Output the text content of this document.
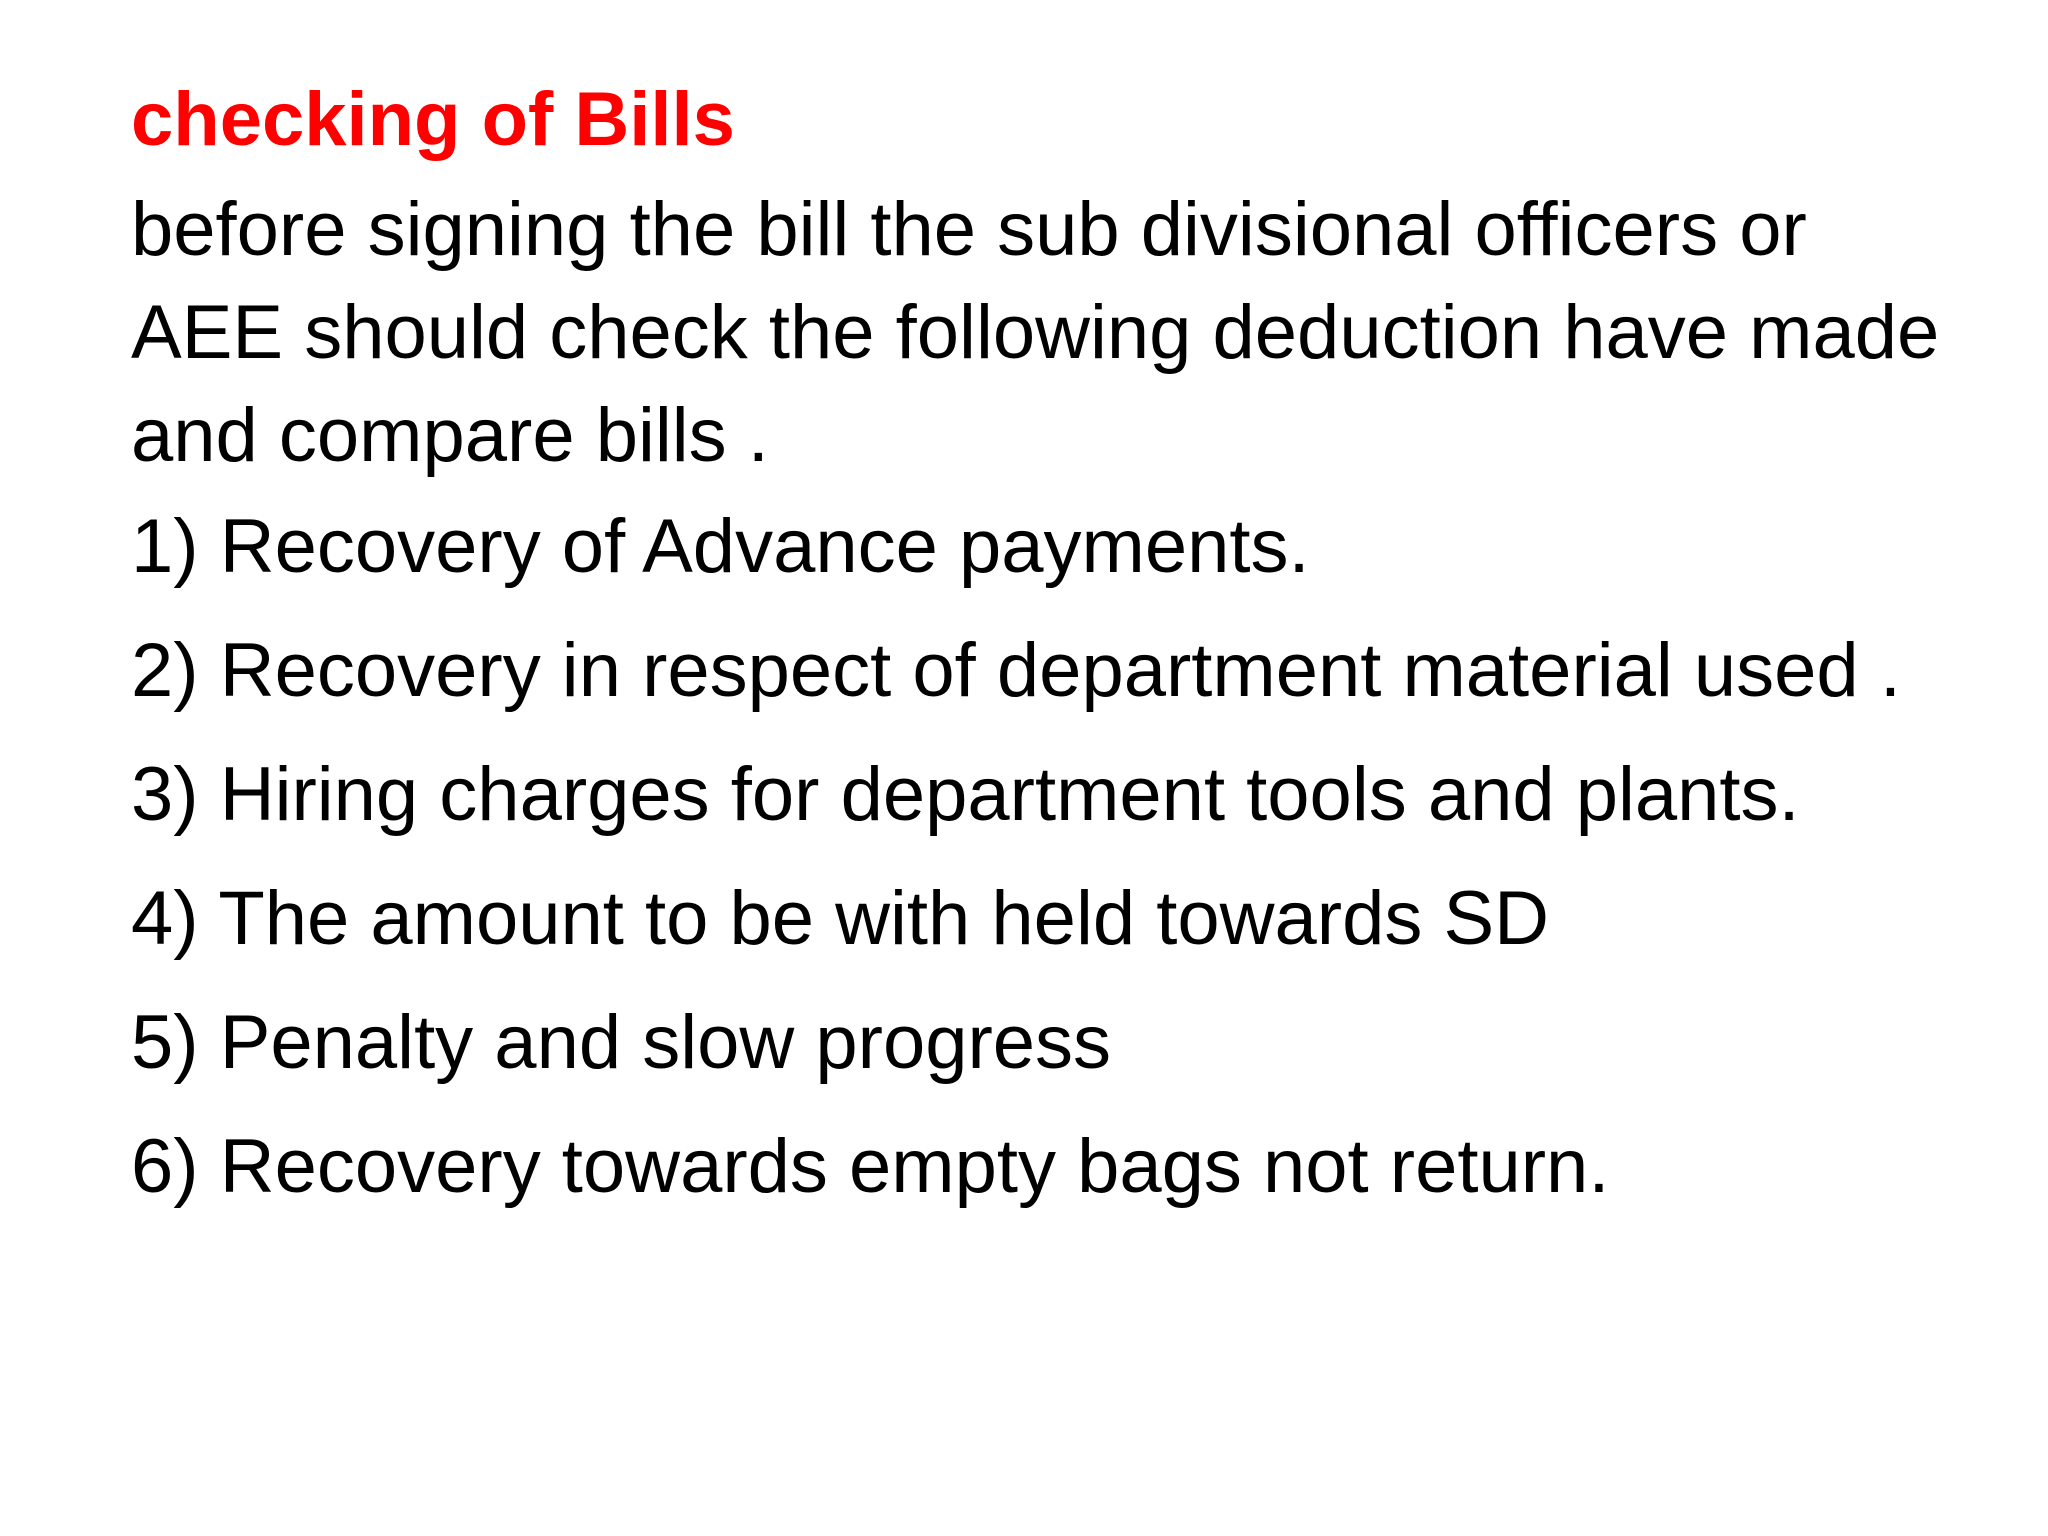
checking of Bills

before signing the bill the sub divisional officers or
AEE should check the following deduction have made
and compare bills .

1) Recovery of Advance payments.
2) Recovery in respect of department material used .
3) Hiring charges for department tools and plants.
4) The amount to be with held towards SD
5) Penalty and slow progress
6) Recovery towards empty bags not return.
